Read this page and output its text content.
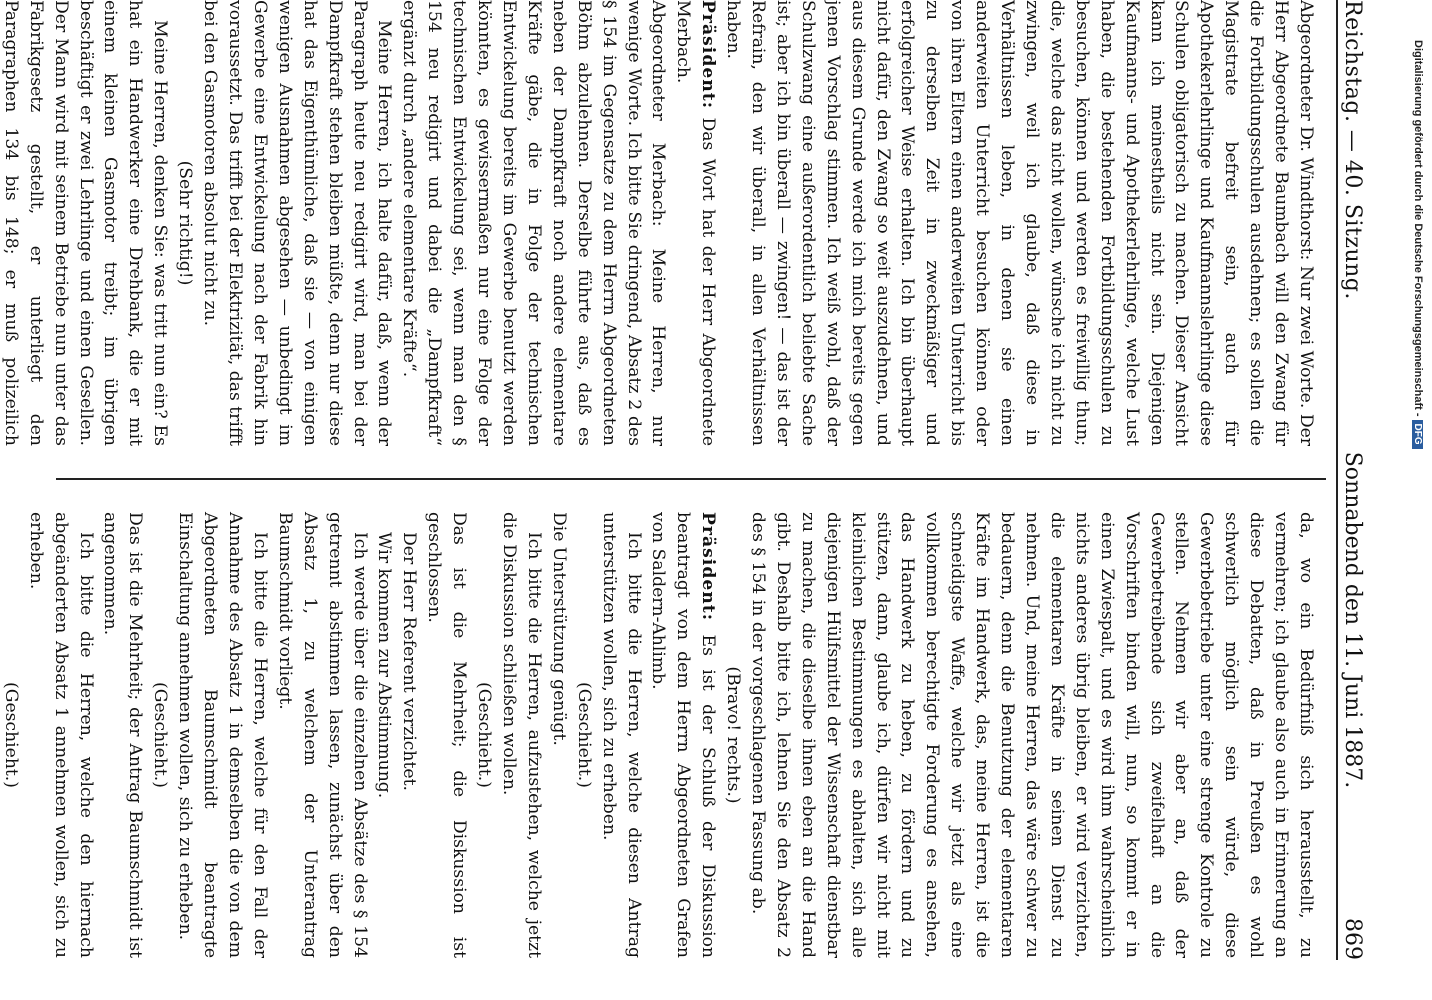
Reichstag. — 40. Sitzung.
Sonnabend den 11. Juni 1887.
869

Abgeordneter Dr. Windthorst: Nur zwei Worte. Der Herr Abgeordnete Baumbach will den Zwang für die Fortbildungsschulen ausdehnen; es sollen die Magistrate befreit sein, auch für Apothekerlehrlinge und Kaufmannslehrlinge diese Schulen obligatorisch zu machen. Dieser Ansicht kann ich meinestheils nicht sein. Diejenigen Kaufmanns- und Apothekerlehrlinge, welche Lust haben, die bestehenden Fortbildungsschulen zu besuchen, können und werden es freiwillig thun; die, welche das nicht wollen, wünsche ich nicht zu zwingen, weil ich glaube, daß diese in Verhältnissen leben, in denen sie einen anderweiten Unterricht besuchen können oder von ihren Eltern einen anderweiten Unterricht bis zu derselben Zeit in zweckmäßiger und erfolgreicher Weise erhalten. Ich bin überhaupt nicht dafür, den Zwang so weit auszudehnen, und aus diesem Grunde werde ich mich bereits gegen jenen Vorschlag stimmen. Ich weiß wohl, daß der Schulzwang eine außerordentlich beliebte Sache ist; aber ich bin überall — zwingen! — das ist der Refrain, den wir überall, in allen Verhältnissen haben.

Präsident: Das Wort hat der Herr Abgeordnete Merbach.

Abgeordneter Merbach: Meine Herren, nur wenige Worte. Ich bitte Sie dringend, Absatz 2 des § 154 im Gegensatze zu dem Herrn Abgeordneten Böhm abzulehnen. Derselbe führte aus, daß es neben der Dampfkraft noch andere elementare Kräfte gäbe, die in Folge der technischen Entwickelung bereits im Gewerbe benutzt werden könnten, es gewissermaßen nur eine Folge der technischen Entwickelung sei, wenn man den § 154 neu redigirt und dabei die „Dampfkraft“ ergänzt durch „andere elementare Kräfte“.

Meine Herren, ich halte dafür, daß, wenn der Paragraph heute neu redigirt wird, man bei der Dampfkraft stehen bleiben müßte, denn nur diese hat das Eigenthümliche, daß sie — von einigen wenigen Ausnahmen abgesehen — unbedingt im Gewerbe eine Entwickelung nach der Fabrik hin voraussetzt. Das trifft bei der Elektrizität, das trifft bei den Gasmotoren absolut nicht zu.

(Sehr richtig!)

Meine Herren, denken Sie: was tritt nun ein? Es hat ein Handwerker eine Drehbank, die er mit einem kleinen Gasmotor treibt; im übrigen beschäftigt er zwei Lehrlinge und einen Gesellen. Der Mann wird mit seinem Betriebe nun unter das Fabrikgesetz gestellt, er unterliegt den Paragraphen 134 bis 148; er muß polizeilich

da, wo ein Bedürfniß sich herausstellt, zu vermehren; ich glaube also auch in Erinnerung an diese Debatten, daß in Preußen es wohl schwerlich möglich sein würde, diese Gewerbebetriebe unter eine strenge Kontrole zu stellen. Nehmen wir aber an, daß der Gewerbetreibende sich zweifelhaft an die Vorschriften binden will, nun, so kommt er in einen Zwiespalt, und es wird ihm wahrscheinlich nichts anderes übrig bleiben, er wird verzichten, die elementaren Kräfte in seinen Dienst zu nehmen. Und, meine Herren, das wäre schwer zu bedauern, denn die Benutzung der elementaren Kräfte im Handwerk, das, meine Herren, ist die schneidigste Waffe, welche wir jetzt als eine vollkommen berechtigte Forderung es ansehen, das Handwerk zu heben, zu fördern und zu stützen, dann, glaube ich, dürfen wir nicht mit kleinlichen Bestimmungen es abhalten, sich alle diejenigen Hülfsmittel der Wissenschaft dienstbar zu machen, die dieselbe ihnen eben an die Hand gibt. Deshalb bitte ich, lehnen Sie den Absatz 2 des § 154 in der vorgeschlagenen Fassung ab.

(Bravo! rechts.)

Präsident: Es ist der Schluß der Diskussion beantragt von dem Herrn Abgeordneten Grafen von Saldern-Ahlimb.

Ich bitte die Herren, welche diesen Antrag unterstützen wollen, sich zu erheben.

(Geschieht.)

Die Unterstützung genügt.

Ich bitte die Herren, aufzustehen, welche jetzt die Diskussion schließen wollen.

(Geschieht.)

Das ist die Mehrheit; die Diskussion ist geschlossen.

Der Herr Referent verzichtet.

Wir kommen zur Abstimmung.

Ich werde über die einzelnen Absätze des § 154 getrennt abstimmen lassen, zunächst über den Absatz 1, zu welchem der Unterantrag Baumschmidt vorliegt.

Ich bitte die Herren, welche für den Fall der Annahme des Absatz 1 in demselben die von dem Abgeordneten Baumschmidt beantragte Einschaltung annehmen wollen, sich zu erheben.

(Geschieht.)

Das ist die Mehrheit; der Antrag Baumschmidt ist angenommen.

Ich bitte die Herren, welche den hiernach abgeänderten Absatz 1 annehmen wollen, sich zu erheben.

(Geschieht.)

Digitalisierung gefördert durch die Deutsche Forschungsgemeinschaft -DFG
